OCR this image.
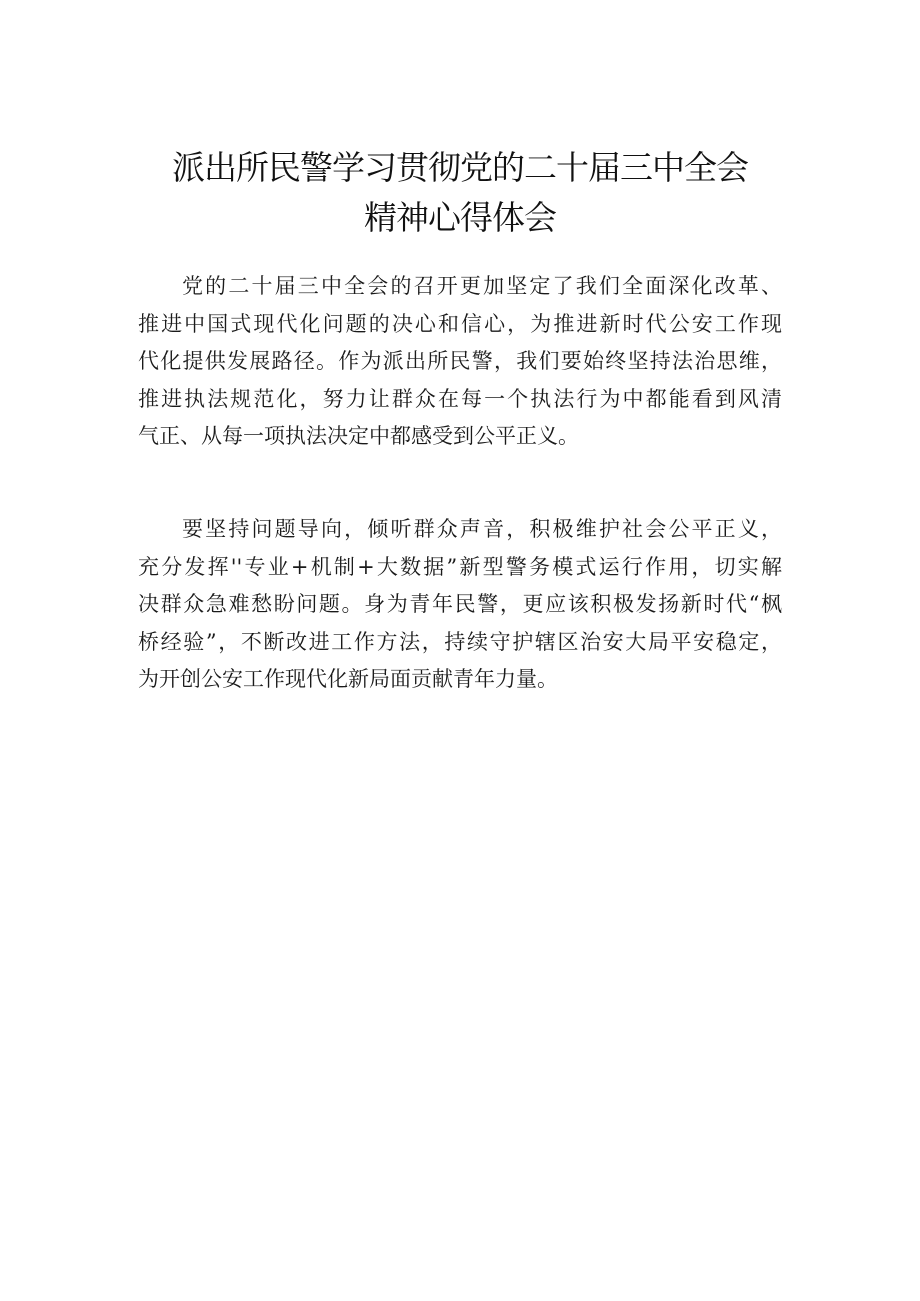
派出所民警学习贯彻党的二十届三中全会
精神心得体会
党的二十届三中全会的召开更加坚定了我们全面深化改革、
推进中国式现代化问题的决心和信心，为推进新时代公安工作现
代化提供发展路径。作为派出所民警，我们要始终坚持法治思维，
推进执法规范化，努力让群众在每一个执法行为中都能看到风清
气正、从每一项执法决定中都感受到公平正义。
要坚持问题导向，倾听群众声音，积极维护社会公平正义，
充分发挥''专业+机制+大数据”新型警务模式运行作用，切实解
决群众急难愁盼问题。身为青年民警，更应该积极发扬新时代“枫
桥经验”，不断改进工作方法，持续守护辖区治安大局平安稳定，
为开创公安工作现代化新局面贡献青年力量。
